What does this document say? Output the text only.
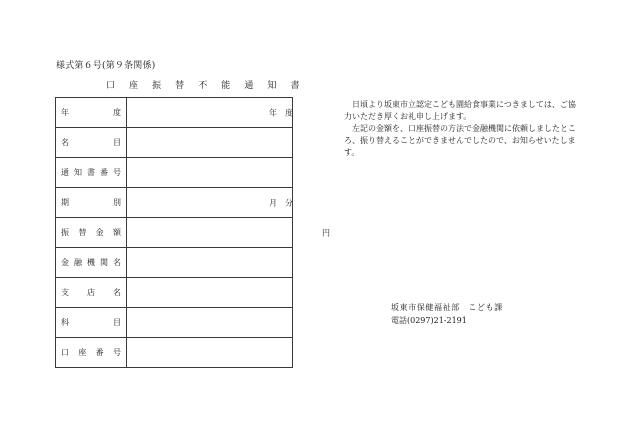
様式第６号(第９条関係)
口 座 振 替 不 能 通 知 書
年　　度	年　度

名　　目	
通知書番号	
期　　別	月　分

振替金額	円

金融機関名	
支　店　名	
科　　目	
口座番号	

日頃より坂東市立認定こども園給食事業につきましては、ご協力いただき厚くお礼申し上げます。

左記の金額を、口座振替の方法で金融機関に依頼しましたところ、振り替えることができませんでしたので、お知らせいたします。

坂東市保健福祉部　こども課
電話(0297)21-2191
